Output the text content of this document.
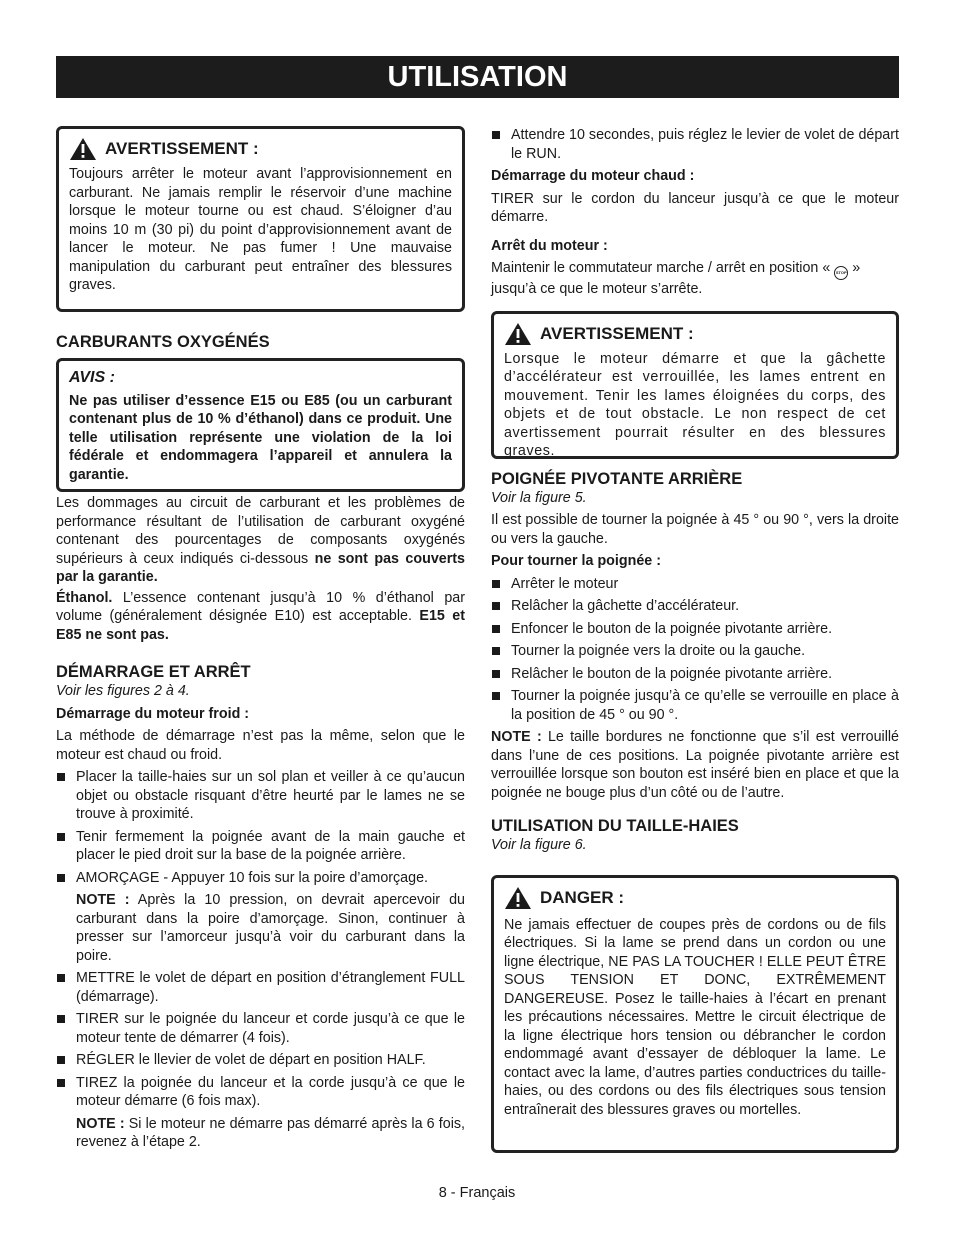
UTILISATION
AVERTISSEMENT :

Toujours arrêter le moteur avant l’approvisionnement en carburant. Ne jamais remplir le réservoir d’une machine lorsque le moteur tourne ou est chaud. S’éloigner d’au moins 10 m (30 pi) du point d’approvisionnement avant de lancer le moteur. Ne pas fumer ! Une mauvaise manipulation du carburant peut entraîner des blessures graves.

CARBURANTS OXYGÉNÉS

AVIS :

Ne pas utiliser d’essence E15 ou E85 (ou un carburant contenant plus de 10 % d’éthanol) dans ce produit. Une telle utilisation représente une violation de la loi fédérale et endommagera l’appareil et annulera la garantie.

Les dommages au circuit de carburant et les problèmes de performance résultant de l’utilisation de carburant oxygéné contenant des pourcentages de composants oxygénés supérieurs à ceux indiqués ci-dessous ne sont pas couverts par la garantie.

Éthanol. L’essence contenant jusqu’à 10 % d’éthanol par volume (généralement désignée E10) est acceptable. E15 et E85 ne sont pas.

DÉMARRAGE ET ARRÊT

Voir les figures 2 à 4.

Démarrage du moteur froid :

La méthode de démarrage n’est pas la même, selon que le moteur est chaud ou froid.

Placer la taille-haies sur un sol plan et veiller à ce qu’aucun objet ou obstacle risquant d’être heurté par le lames ne se trouve à proximité.
Tenir fermement la poignée avant de la main gauche et placer le pied droit sur la base de la poignée arrière.
AMORÇAGE - Appuyer 10 fois sur la poire d’amorçage.

NOTE : Après la 10 pression, on devrait apercevoir du carburant dans la poire d’amorçage. Sinon, continuer à presser sur l’amorceur jusqu’à voir du carburant dans la poire.

METTRE le volet de départ en position d’étranglement FULL (démarrage).
TIRER sur le poignée du lanceur et corde jusqu’à ce que le moteur tente de démarrer (4 fois).
RÉGLER le llevier de volet de départ en position HALF.
TIREZ la poignée du lanceur et la corde jusqu’à ce que le moteur démarre (6 fois max).

NOTE : Si le moteur ne démarre pas démarré après la 6 fois, revenez à l’étape 2.

Attendre 10 secondes, puis réglez le levier de volet de départ le RUN.

Démarrage du moteur chaud :

TIRER sur le cordon du lanceur jusqu’à ce que le moteur démarre.

Arrêt du moteur :

Maintenir le commutateur marche / arrêt en position « STOP » jusqu’à ce que le moteur s’arrête.

AVERTISSEMENT :

Lorsque le moteur démarre et que la gâchette d’accélérateur est verrouillée, les lames entrent en mouvement. Tenir les lames éloignées du corps, des objets et de tout obstacle. Le non respect de cet avertissement pourrait résulter en des blessures graves.

POIGNÉE PIVOTANTE ARRIÈRE

Voir la figure 5.

Il est possible de tourner la poignée à 45 ° ou 90 °, vers la droite ou vers la gauche.

Pour tourner la poignée :

Arrêter le moteur
Relâcher la gâchette d’accélérateur.
Enfoncer le bouton de la poignée pivotante arrière.
Tourner la poignée vers la droite ou la gauche.
Relâcher le bouton de la poignée pivotante arrière.
Tourner la poignée jusqu’à ce qu’elle se verrouille en place à la position de 45 ° ou 90 °.

NOTE : Le taille bordures ne fonctionne que s’il est verrouillé dans l’une de ces positions. La poignée pivotante arrière est verrouillée lorsque son bouton est inséré bien en place et que la poignée ne bouge plus d’un côté ou de l’autre.

UTILISATION DU TAILLE-HAIES

Voir la figure 6.

DANGER :

Ne jamais effectuer de coupes près de cordons ou de fils électriques. Si la lame se prend dans un cordon ou une ligne électrique, NE PAS LA TOUCHER ! ELLE PEUT ÊTRE SOUS TENSION ET DONC, EXTRÊMEMENT DANGEREUSE. Posez le taille-haies à l’écart en prenant les précautions nécessaires. Mettre le circuit électrique de la ligne électrique hors tension ou débrancher le cordon endommagé avant d’essayer de débloquer la lame. Le contact avec la lame, d’autres parties conductrices du taille-haies, ou des cordons ou des fils électriques sous tension entraînerait des blessures graves ou mortelles.

8 - Français
